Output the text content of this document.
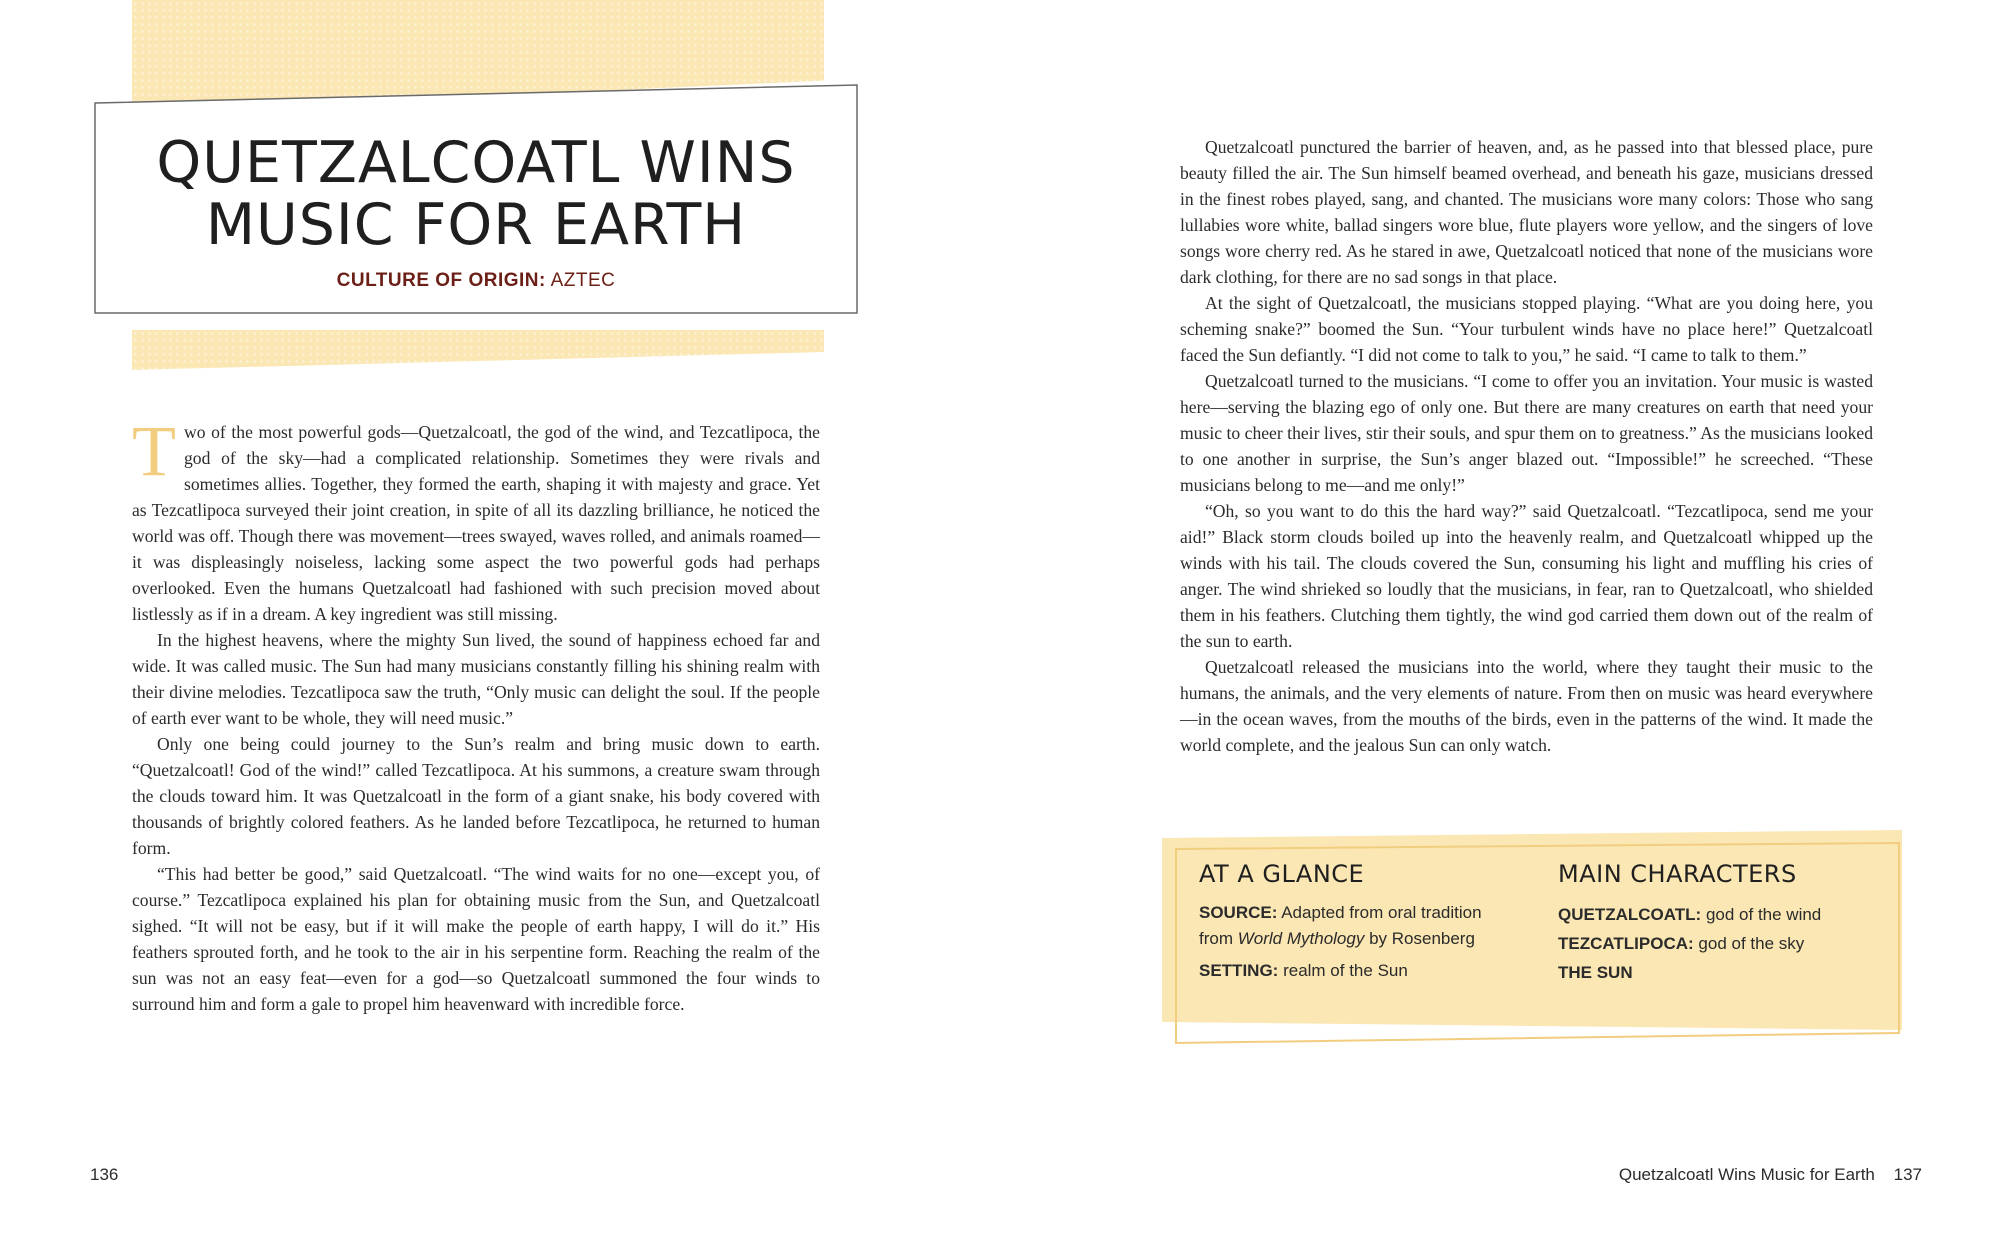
QUETZALCOATL WINS MUSIC FOR EARTH
CULTURE OF ORIGIN: AZTEC

Two of the most powerful gods—Quetzalcoatl, the god of the wind, and Tezcatlipoca, the god of the sky—had a complicated relationship. Sometimes they were rivals and sometimes allies. Together, they formed the earth, shaping it with majesty and grace. Yet as Tezcatlipoca surveyed their joint creation, in spite of all its dazzling brilliance, he noticed the world was off. Though there was movement—trees swayed, waves rolled, and animals roamed—it was displeasingly noiseless, lacking some aspect the two powerful gods had perhaps overlooked. Even the humans Quetzalcoatl had fashioned with such precision moved about listlessly as if in a dream. A key ingredient was still missing.

In the highest heavens, where the mighty Sun lived, the sound of happiness echoed far and wide. It was called music. The Sun had many musicians constantly filling his shining realm with their divine melodies. Tezcatlipoca saw the truth, “Only music can delight the soul. If the people of earth ever want to be whole, they will need music.”

Only one being could journey to the Sun’s realm and bring music down to earth. “Quetzalcoatl! God of the wind!” called Tezcatlipoca. At his summons, a creature swam through the clouds toward him. It was Quetzalcoatl in the form of a giant snake, his body covered with thousands of brightly colored feathers. As he landed before Tezcatlipoca, he returned to human form.

“This had better be good,” said Quetzalcoatl. “The wind waits for no one—except you, of course.” Tezcatlipoca explained his plan for obtaining music from the Sun, and Quetzalcoatl sighed. “It will not be easy, but if it will make the people of earth happy, I will do it.” His feathers sprouted forth, and he took to the air in his serpentine form. Reaching the realm of the sun was not an easy feat—even for a god—so Quetzalcoatl summoned the four winds to surround him and form a gale to propel him heavenward with incredible force.

136

Quetzalcoatl punctured the barrier of heaven, and, as he passed into that blessed place, pure beauty filled the air. The Sun himself beamed overhead, and beneath his gaze, musicians dressed in the finest robes played, sang, and chanted. The musicians wore many colors: Those who sang lullabies wore white, ballad singers wore blue, flute players wore yellow, and the singers of love songs wore cherry red. As he stared in awe, Quetzalcoatl noticed that none of the musicians wore dark clothing, for there are no sad songs in that place.

At the sight of Quetzalcoatl, the musicians stopped playing. “What are you doing here, you scheming snake?” boomed the Sun. “Your turbulent winds have no place here!” Quetzalcoatl faced the Sun defiantly. “I did not come to talk to you,” he said. “I came to talk to them.”

Quetzalcoatl turned to the musicians. “I come to offer you an invitation. Your music is wasted here—serving the blazing ego of only one. But there are many creatures on earth that need your music to cheer their lives, stir their souls, and spur them on to greatness.” As the musicians looked to one another in surprise, the Sun’s anger blazed out. “Impossible!” he screeched. “These musicians belong to me—and me only!”

“Oh, so you want to do this the hard way?” said Quetzalcoatl. “Tezcatlipoca, send me your aid!” Black storm clouds boiled up into the heavenly realm, and Quetzalcoatl whipped up the winds with his tail. The clouds covered the Sun, consuming his light and muffling his cries of anger. The wind shrieked so loudly that the musicians, in fear, ran to Quetzalcoatl, who shielded them in his feathers. Clutching them tightly, the wind god carried them down out of the realm of the sun to earth.

Quetzalcoatl released the musicians into the world, where they taught their music to the humans, the animals, and the very elements of nature. From then on music was heard everywhere—in the ocean waves, from the mouths of the birds, even in the patterns of the wind. It made the world complete, and the jealous Sun can only watch.

AT A GLANCE
SOURCE: Adapted from oral tradition from World Mythology by Rosenberg
SETTING: realm of the Sun
MAIN CHARACTERS
QUETZALCOATL: god of the wind
TEZCATLIPOCA: god of the sky
THE SUN
Quetzalcoatl Wins Music for Earth 137
